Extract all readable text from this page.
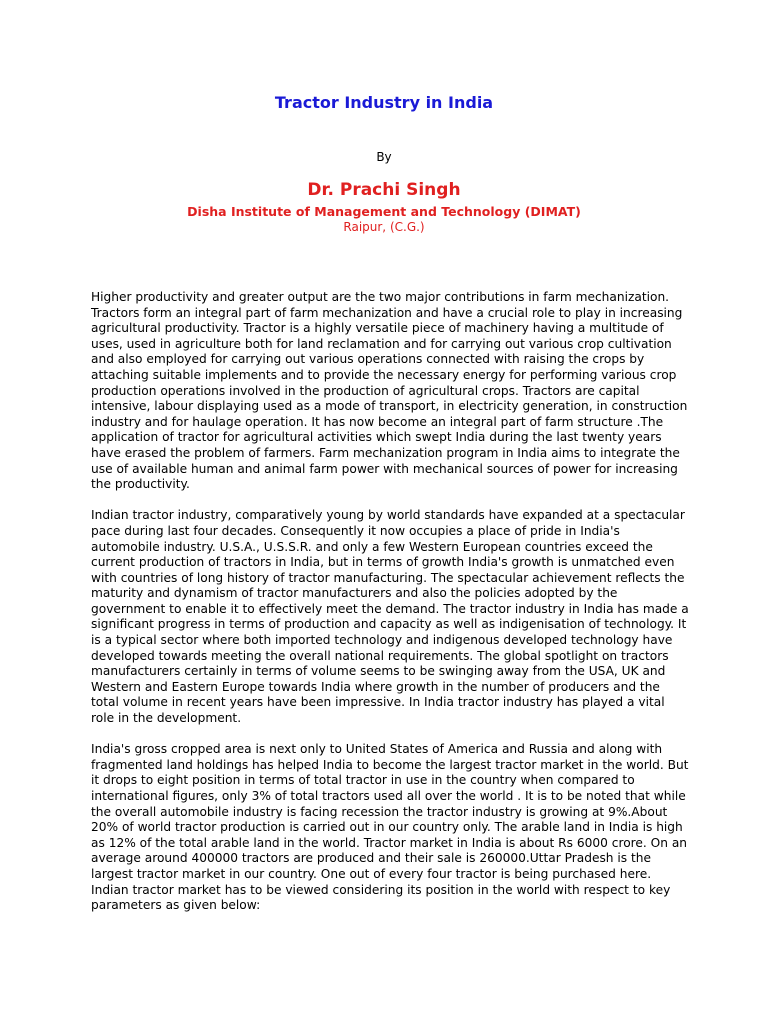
Tractor Industry in India
By
Dr. Prachi Singh
Disha Institute of Management and Technology (DIMAT)
Raipur, (C.G.)

Higher productivity and greater output are the two major contributions in farm mechanization. Tractors form an integral part of farm mechanization and have a crucial role to play in increasing agricultural productivity. Tractor is a highly versatile piece of machinery having a multitude of uses, used in agriculture both for land reclamation and for carrying out various crop cultivation and also employed for carrying out various operations connected with raising the crops by attaching suitable implements and to provide the necessary energy for performing various crop production operations involved in the production of agricultural crops. Tractors are capital intensive, labour displaying used as a mode of transport, in electricity generation, in construction industry and for haulage operation. It has now become an integral part of farm structure .The application of tractor for agricultural activities which swept India during the last twenty years have erased the problem of farmers. Farm mechanization program in India aims to integrate the use of available human and animal farm power with mechanical sources of power for increasing the productivity.

Indian tractor industry, comparatively young by world standards have expanded at a spectacular pace during last four decades. Consequently it now occupies a place of pride in India's automobile industry. U.S.A., U.S.S.R. and only a few Western European countries exceed the current production of tractors in India, but in terms of growth India's growth is unmatched even with countries of long history of tractor manufacturing. The spectacular achievement reflects the maturity and dynamism of tractor manufacturers and also the policies adopted by the government to enable it to effectively meet the demand. The tractor industry in India has made a significant progress in terms of production and capacity as well as indigenisation of technology. It is a typical sector where both imported technology and indigenous developed technology have developed towards meeting the overall national requirements. The global spotlight on tractors manufacturers certainly in terms of volume seems to be swinging away from the USA, UK and Western and Eastern Europe towards India where growth in the number of producers and the total volume in recent years have been impressive. In India tractor industry has played a vital role in the development.

India's gross cropped area is next only to United States of America and Russia and along with fragmented land holdings has helped India to become the largest tractor market in the world. But it drops to eight position in terms of total tractor in use in the country when compared to international figures, only 3% of total tractors used all over the world . It is to be noted that while the overall automobile industry is facing recession the tractor industry is growing at 9%.About 20% of world tractor production is carried out in our country only. The arable land in India is high as 12% of the total arable land in the world. Tractor market in India is about Rs 6000 crore. On an average around 400000 tractors are produced and their sale is 260000.Uttar Pradesh is the largest tractor market in our country. One out of every four tractor is being purchased here. Indian tractor market has to be viewed considering its position in the world with respect to key parameters as given below:
